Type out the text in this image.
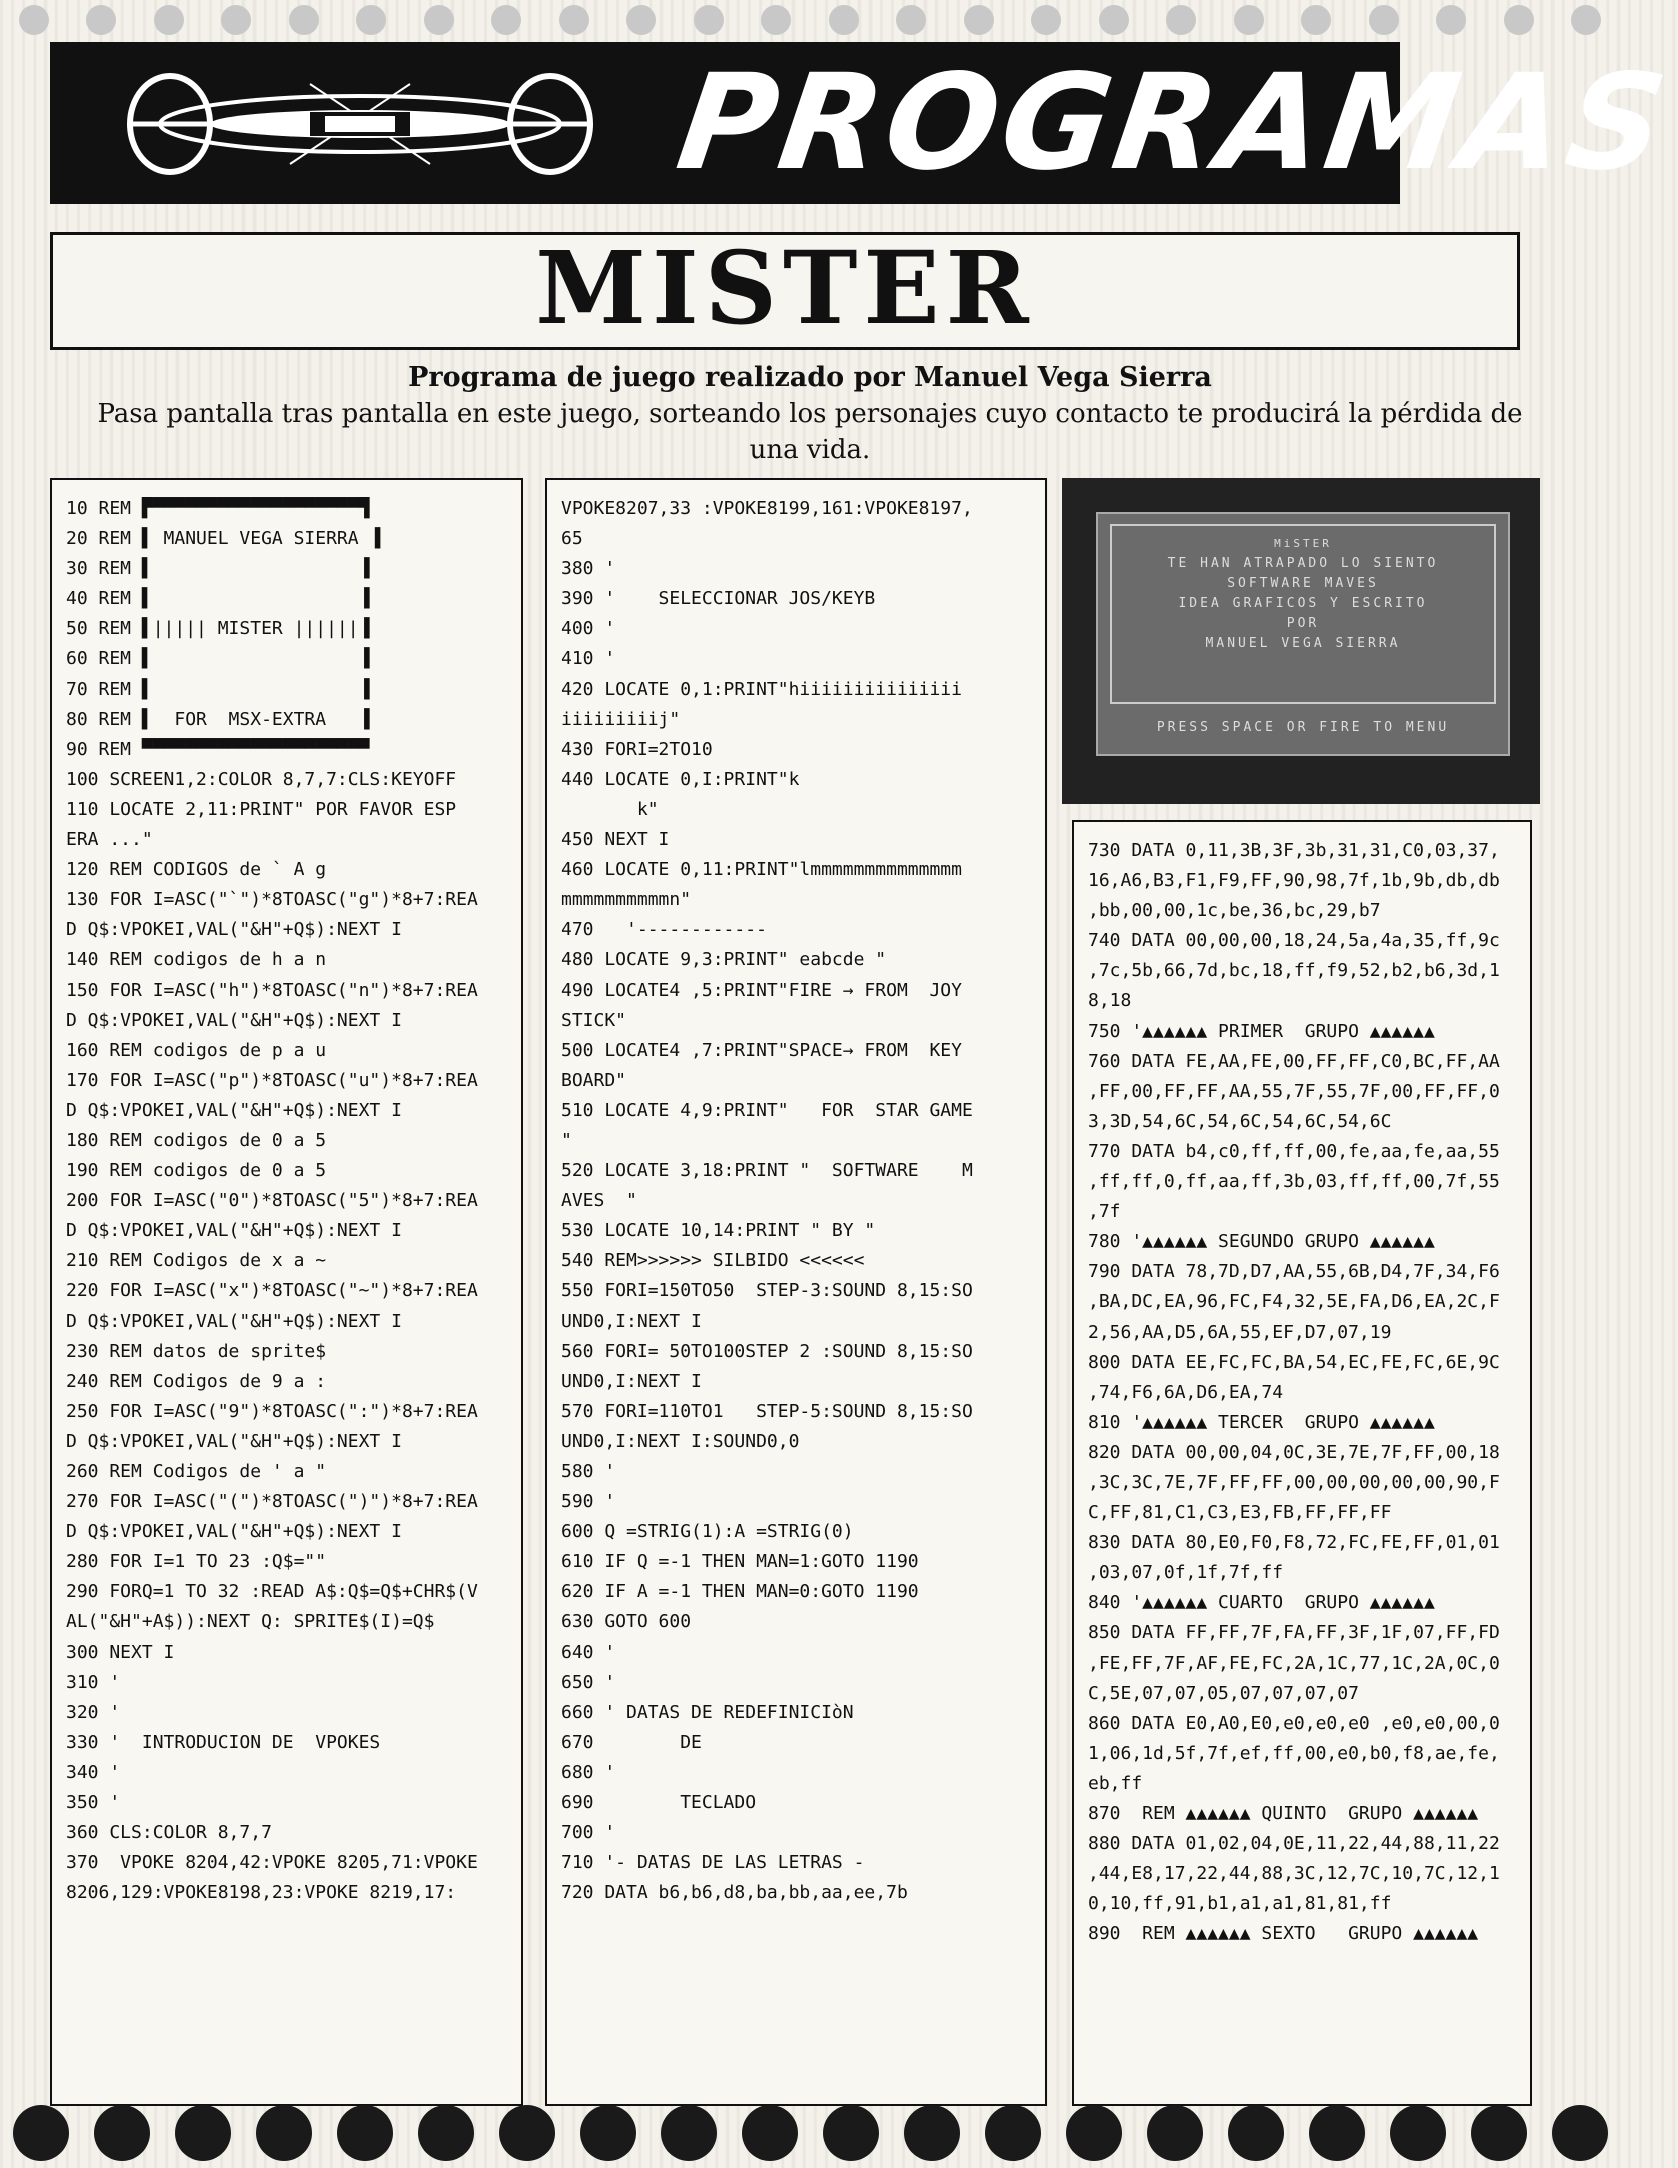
PROGRAMAS
MISTER
Programa de juego realizado por Manuel Vega Sierra
Pasa pantalla tras pantalla en este juego, sorteando los personajes cuyo contacto te producirá la pérdida de una vida.
10 REM ▛▀▀▀▀▀▀▀▀▀▀▀▀▀▀▀▀▀▀▀▜
20 REM ▌ MANUEL VEGA SIERRA ▐
30 REM ▌                   ▐
40 REM ▌                   ▐
50 REM ▌||||| MISTER ||||||▐
60 REM ▌                   ▐
70 REM ▌                   ▐
80 REM ▌  FOR  MSX-EXTRA   ▐
90 REM ▀▀▀▀▀▀▀▀▀▀▀▀▀▀▀▀▀▀▀▀▀
100 SCREEN1,2:COLOR 8,7,7:CLS:KEYOFF
110 LOCATE 2,11:PRINT" POR FAVOR ESP
ERA ..."
120 REM CODIGOS de ` A g
130 FOR I=ASC("`")*8TOASC("g")*8+7:REA
D Q$:VPOKEI,VAL("&H"+Q$):NEXT I
140 REM codigos de h a n
150 FOR I=ASC("h")*8TOASC("n")*8+7:REA
D Q$:VPOKEI,VAL("&H"+Q$):NEXT I
160 REM codigos de p a u
170 FOR I=ASC("p")*8TOASC("u")*8+7:REA
D Q$:VPOKEI,VAL("&H"+Q$):NEXT I
180 REM codigos de 0 a 5
190 REM codigos de 0 a 5
200 FOR I=ASC("0")*8TOASC("5")*8+7:REA
D Q$:VPOKEI,VAL("&H"+Q$):NEXT I
210 REM Codigos de x a ~
220 FOR I=ASC("x")*8TOASC("~")*8+7:REA
D Q$:VPOKEI,VAL("&H"+Q$):NEXT I
230 REM datos de sprite$
240 REM Codigos de 9 a :
250 FOR I=ASC("9")*8TOASC(":")*8+7:REA
D Q$:VPOKEI,VAL("&H"+Q$):NEXT I
260 REM Codigos de ' a "
270 FOR I=ASC("(")*8TOASC(")")*8+7:REA
D Q$:VPOKEI,VAL("&H"+Q$):NEXT I
280 FOR I=1 TO 23 :Q$=""
290 FORQ=1 TO 32 :READ A$:Q$=Q$+CHR$(V
AL("&H"+A$)):NEXT Q: SPRITE$(I)=Q$
300 NEXT I
310 '
320 '
330 '  INTRODUCION DE  VPOKES
340 '
350 '
360 CLS:COLOR 8,7,7
370  VPOKE 8204,42:VPOKE 8205,71:VPOKE
8206,129:VPOKE8198,23:VPOKE 8219,17:
VPOKE8207,33 :VPOKE8199,161:VPOKE8197,
65
380 '
390 '    SELECCIONAR JOS/KEYB
400 '
410 '
420 LOCATE 0,1:PRINT"hiiiiiiiiiiiiiii
iiiiiiiiij"
430 FORI=2TO10
440 LOCATE 0,I:PRINT"k
k"
450 NEXT I
460 LOCATE 0,11:PRINT"lmmmmmmmmmmmmmm
mmmmmmmmmmn"
470   '------------
480 LOCATE 9,3:PRINT" eabcde "
490 LOCATE4 ,5:PRINT"FIRE → FROM  JOY
STICK"
500 LOCATE4 ,7:PRINT"SPACE→ FROM  KEY
BOARD"
510 LOCATE 4,9:PRINT"   FOR  STAR GAME
"
520 LOCATE 3,18:PRINT "  SOFTWARE    M
AVES  "
530 LOCATE 10,14:PRINT " BY "
540 REM>>>>>> SILBIDO <<<<<<
550 FORI=150TO50  STEP-3:SOUND 8,15:SO
UND0,I:NEXT I
560 FORI= 50TO100STEP 2 :SOUND 8,15:SO
UND0,I:NEXT I
570 FORI=110TO1   STEP-5:SOUND 8,15:SO
UND0,I:NEXT I:SOUND0,0
580 '
590 '
600 Q =STRIG(1):A =STRIG(0)
610 IF Q =-1 THEN MAN=1:GOTO 1190
620 IF A =-1 THEN MAN=0:GOTO 1190
630 GOTO 600
640 '
650 '
660 ' DATAS DE REDEFINICIòN
670        DE
680 '
690        TECLADO
700 '
710 '- DATAS DE LAS LETRAS -
720 DATA b6,b6,d8,ba,bb,aa,ee,7b
MiSTER
TE HAN ATRAPADO LO SIENTO
SOFTWARE MAVES
IDEA GRAFICOS Y ESCRITO
POR
MANUEL VEGA SIERRA
PRESS SPACE OR FIRE TO MENU
730 DATA 0,11,3B,3F,3b,31,31,C0,03,37,
16,A6,B3,F1,F9,FF,90,98,7f,1b,9b,db,db
,bb,00,00,1c,be,36,bc,29,b7
740 DATA 00,00,00,18,24,5a,4a,35,ff,9c
,7c,5b,66,7d,bc,18,ff,f9,52,b2,b6,3d,1
8,18
750 '▲▲▲▲▲▲ PRIMER  GRUPO ▲▲▲▲▲▲
760 DATA FE,AA,FE,00,FF,FF,C0,BC,FF,AA
,FF,00,FF,FF,AA,55,7F,55,7F,00,FF,FF,0
3,3D,54,6C,54,6C,54,6C,54,6C
770 DATA b4,c0,ff,ff,00,fe,aa,fe,aa,55
,ff,ff,0,ff,aa,ff,3b,03,ff,ff,00,7f,55
,7f
780 '▲▲▲▲▲▲ SEGUNDO GRUPO ▲▲▲▲▲▲
790 DATA 78,7D,D7,AA,55,6B,D4,7F,34,F6
,BA,DC,EA,96,FC,F4,32,5E,FA,D6,EA,2C,F
2,56,AA,D5,6A,55,EF,D7,07,19
800 DATA EE,FC,FC,BA,54,EC,FE,FC,6E,9C
,74,F6,6A,D6,EA,74
810 '▲▲▲▲▲▲ TERCER  GRUPO ▲▲▲▲▲▲
820 DATA 00,00,04,0C,3E,7E,7F,FF,00,18
,3C,3C,7E,7F,FF,FF,00,00,00,00,00,90,F
C,FF,81,C1,C3,E3,FB,FF,FF,FF
830 DATA 80,E0,F0,F8,72,FC,FE,FF,01,01
,03,07,0f,1f,7f,ff
840 '▲▲▲▲▲▲ CUARTO  GRUPO ▲▲▲▲▲▲
850 DATA FF,FF,7F,FA,FF,3F,1F,07,FF,FD
,FE,FF,7F,AF,FE,FC,2A,1C,77,1C,2A,0C,0
C,5E,07,07,05,07,07,07,07
860 DATA E0,A0,E0,e0,e0,e0 ,e0,e0,00,0
1,06,1d,5f,7f,ef,ff,00,e0,b0,f8,ae,fe,
eb,ff
870  REM ▲▲▲▲▲▲ QUINTO  GRUPO ▲▲▲▲▲▲
880 DATA 01,02,04,0E,11,22,44,88,11,22
,44,E8,17,22,44,88,3C,12,7C,10,7C,12,1
0,10,ff,91,b1,a1,a1,81,81,ff
890  REM ▲▲▲▲▲▲ SEXTO   GRUPO ▲▲▲▲▲▲
